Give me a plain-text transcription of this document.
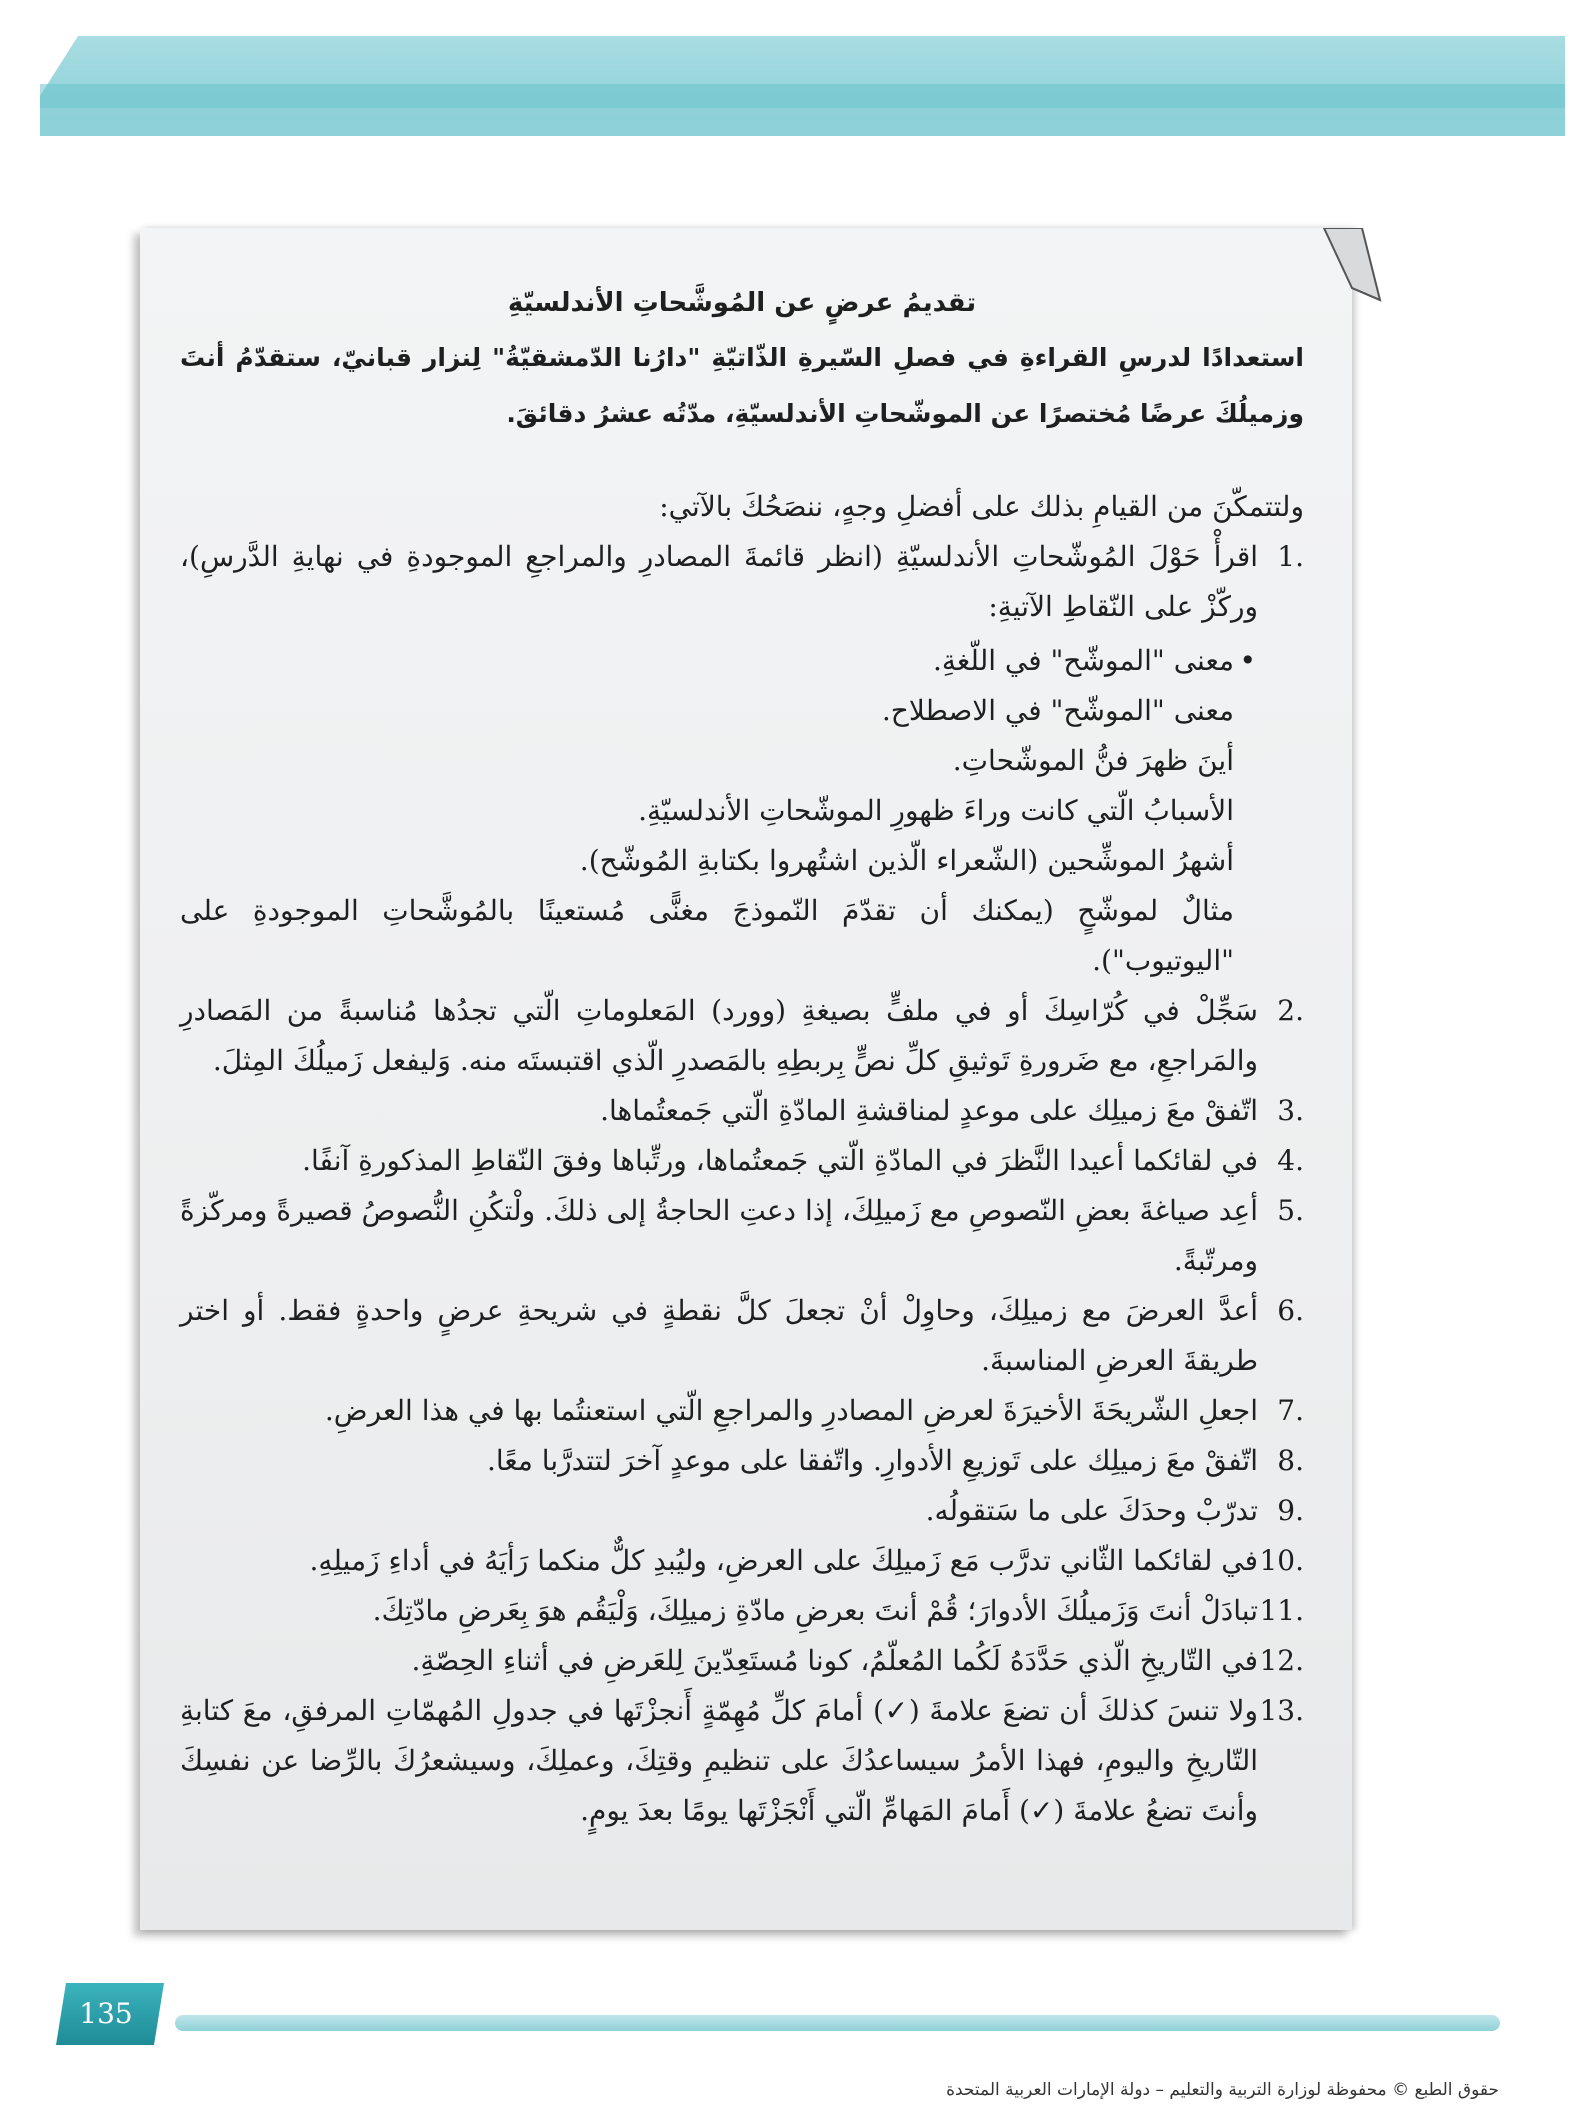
تقديمُ عرضٍ عن المُوشَّحاتِ الأندلسيّةِ

استعدادًا لدرسِ القراءةِ في فصلِ السّيرةِ الذّاتيّةِ "دارُنا الدّمشقيّةُ" لِنزار قبانيّ، ستقدّمُ أنتَ وزميلُكَ عرضًا مُختصرًا عن الموشّحاتِ الأندلسيّةِ، مدّتُه عشرُ دقائقَ.

ولتتمكّنَ من القيامِ بذلك على أفضلِ وجهٍ، ننصَحُكَ بالآتي:

1.
اقرأْ حَوْلَ المُوشّحاتِ الأندلسيّةِ (انظر قائمةَ المصادرِ والمراجعِ الموجودةِ في نهايةِ الدَّرسِ)، وركّزْ على النّقاطِ الآتيةِ:
•
معنى "الموشّح" في اللّغةِ.
معنى "الموشّح" في الاصطلاح.
أينَ ظهرَ فنُّ الموشّحاتِ.
الأسبابُ الّتي كانت وراءَ ظهورِ الموشّحاتِ الأندلسيّةِ.
أشهرُ الموشِّحين (الشّعراء الّذين اشتُهروا بكتابةِ المُوشّح).
مثالٌ لموشّحٍ (يمكنك أن تقدّمَ النّموذجَ مغنًّى مُستعينًا بالمُوشَّحاتِ الموجودةِ على "اليوتيوب").
2.
سَجِّلْ في كُرّاسِكَ أو في ملفٍّ بصيغةِ (وورد) المَعلوماتِ الّتي تجدُها مُناسبةً من المَصادرِ والمَراجعِ، مع ضَرورةِ تَوثيقِ كلِّ نصٍّ بِربطِهِ بالمَصدرِ الّذي اقتبستَه منه. وَليفعل زَميلُكَ المِثلَ.
3.
اتّفقْ معَ زميلِك على موعدٍ لمناقشةِ المادّةِ الّتي جَمعتُماها.
4.
في لقائكما أعيدا النَّظرَ في المادّةِ الّتي جَمعتُماها، ورتِّباها وفقَ النّقاطِ المذكورةِ آنفًا.
5.
أعِد صياغةَ بعضِ النّصوصِ مع زَميلِكَ، إذا دعتِ الحاجةُ إلى ذلكَ. ولْتكُنِ النُّصوصُ قصيرةً ومركّزةً ومرتّبةً.
6.
أعدَّ العرضَ مع زميلِكَ، وحاوِلْ أنْ تجعلَ كلَّ نقطةٍ في شريحةِ عرضٍ واحدةٍ فقط. أو اختر طريقةَ العرضِ المناسبةَ.
7.
اجعلِ الشّريحَةَ الأخيرَةَ لعرضِ المصادرِ والمراجعِ الّتي استعنتُما بها في هذا العرضِ.
8.
اتّفقْ معَ زميلِك على تَوزيعِ الأدوارِ. واتّفقا على موعدٍ آخرَ لتتدرَّبا معًا.
9.
تدرّبْ وحدَكَ على ما سَتقولُه.
10.
في لقائكما الثّاني تدرَّب مَع زَميلِكَ على العرضِ، وليُبدِ كلٌّ منكما رَأيَهُ في أداءِ زَميلِهِ.
11.
تبادَلْ أنتَ وَزَميلُكَ الأدوارَ؛ قُمْ أنتَ بعرضِ مادّةِ زميلِكَ، وَلْيَقُم هوَ بِعَرضِ مادّتِكَ.
12.
في التّاريخِ الّذي حَدَّدَهُ لَكُما المُعلّمُ، كونا مُستَعِدّينَ لِلعَرضِ في أثناءِ الحِصّةِ.
13.
ولا تنسَ كذلكَ أن تضعَ علامةَ (✓) أمامَ كلِّ مُهِمّةٍ أَنجزْتَها في جدولِ المُهمّاتِ المرفقِ، معَ كتابةِ التّاريخِ واليومِ، فهذا الأمرُ سيساعدُكَ على تنظيمِ وقتِكَ، وعملِكَ، وسيشعرُكَ بالرِّضا عن نفسِكَ وأنتَ تضعُ علامةَ (✓) أَمامَ المَهامِّ الّتي أَنْجَزْتَها يومًا بعدَ يومٍ.
135
حقوق الطبع © محفوظة لوزارة التربية والتعليم – دولة الإمارات العربية المتحدة
